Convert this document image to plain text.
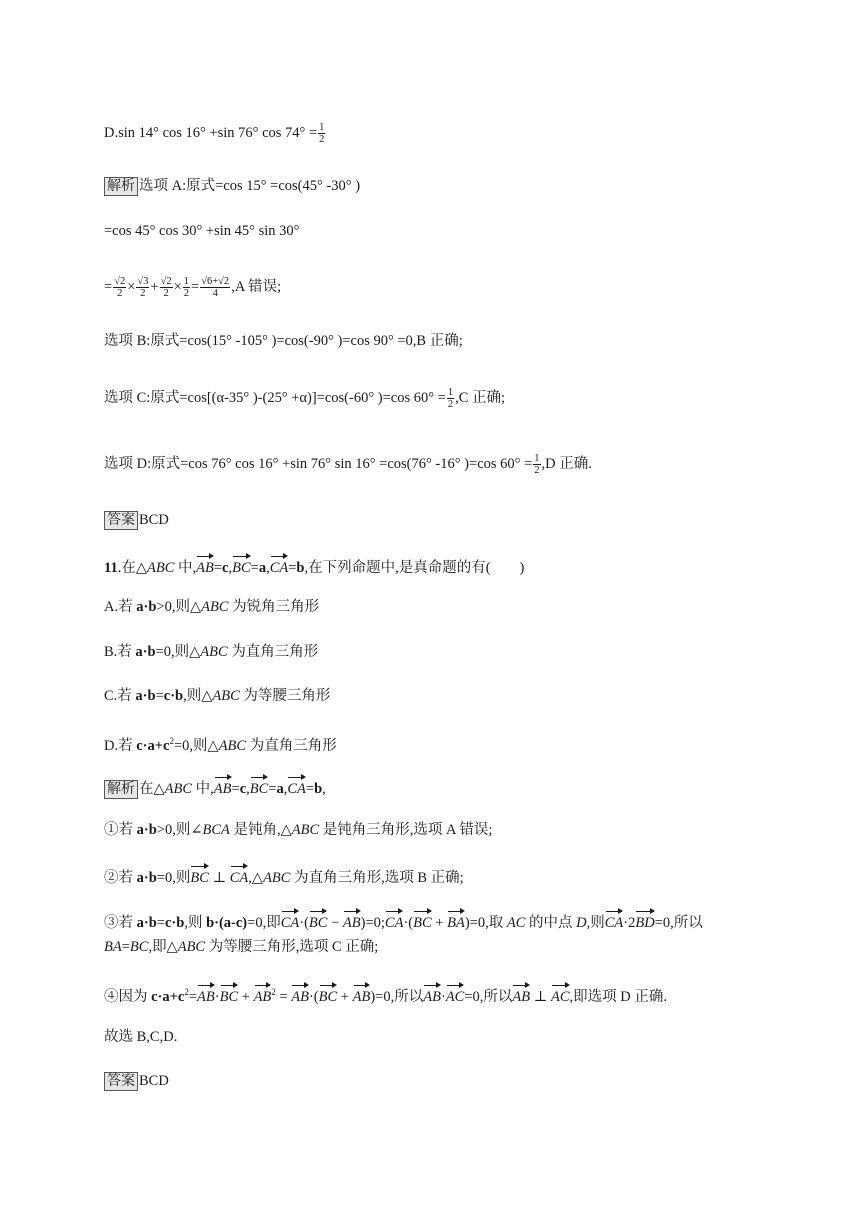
D.sin 14° cos 16° +sin 76° $\cos 74^\circ = \frac{1}{2}$
解析 选项 A:原式=cos 15° =cos(45° -30° )
=cos 45° cos 30° +sin 45° sin 30°
= $\frac{√2}{2} \times \frac{√3}{2} + \frac{√2}{2} \times \frac{1}{2} = \frac{√6+√2}{4} ,A$ 错误;
选项 B:原式=cos(15° -105° )=cos(-90° )=cos 90° =0,B 正确;
选项 C:原式=cos[(α-35° )-(25° +α)]=cos(-60° )=cos $60^\circ = \frac{1}{2} ,C$ 正确;
选项 D:原式=cos 76° cos 16° +sin 76° sin 16° =cos(76° -16° )=cos $60^\circ = \frac{1}{2} ,D$ 正确.
答案 BCD
11.在△ABC 中,AB=c,BC=a,CA=b,在下列命题中,是真命题的有(　　)
A.若 a·b>0,则△ABC 为锐角三角形
B.若 a·b=0,则△ABC 为直角三角形
C.若 a·b=c·b,则△ABC 为等腰三角形
D.若 $c\cdot a+c^2=0$,则△ABC 为直角三角形
解析 在△ABC 中,AB=c,BC=a,CA=b,
①若 a·b>0,则∠BCA 是钝角,△ABC 是钝角三角形,选项 A 错误;
②若 a·b=0,则BC ⊥ CA,△ABC 为直角三角形,选项 B 正确;
③若 a·b=c·b,则 b·(a-c)=0,即CA·(BC − AB)=0;CA·(BC + BA)=0,取 AC 的中点 D,则CA·2BD=0,所以
BA=BC,即△ABC 为等腰三角形,选项 C 正确;
④因为 $c\cdot a+c^2=AB\cdot BC + AB^2 = AB\cdot(BC + AB)=0$,所以AB·AC=0,所以AB ⊥ AC,即选项 D 正确.
故选 B,C,D.
答案 BCD
